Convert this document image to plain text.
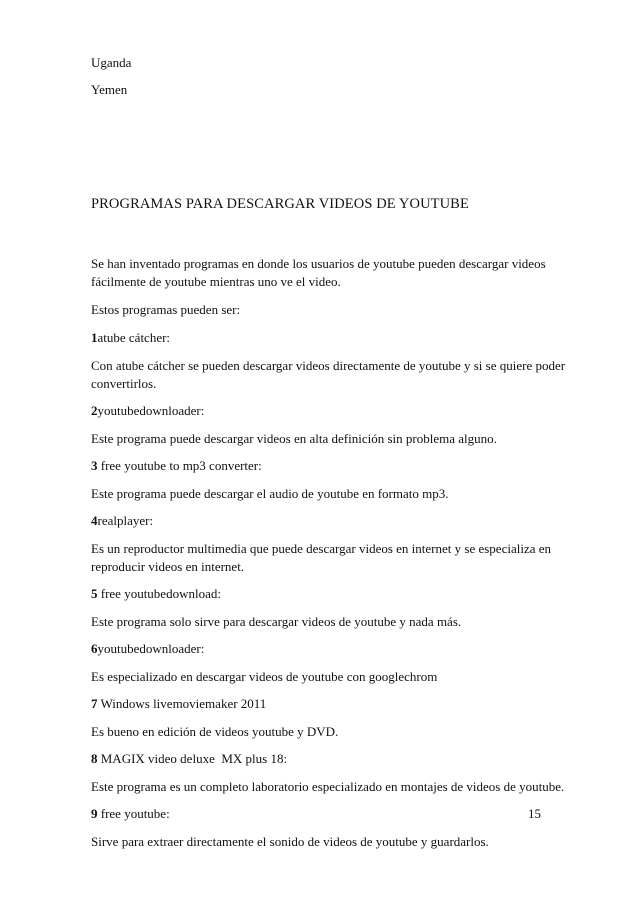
Uganda

Yemen

PROGRAMAS PARA DESCARGAR VIDEOS DE YOUTUBE

Se han inventado programas en donde los usuarios de youtube pueden descargar videos

fácilmente de youtube mientras uno ve el video.

Estos programas pueden ser:

1atube cátcher:

Con atube cátcher se pueden descargar videos directamente de youtube y si se quiere poder

convertirlos.

2youtubedownloader:

Este programa puede descargar videos en alta definición sin problema alguno.

3 free youtube to mp3 converter:

Este programa puede descargar el audio de youtube en formato mp3.

4realplayer:

Es un reproductor multimedia que puede descargar videos en internet y se especializa en

reproducir videos en internet.

5 free youtubedownload:

Este programa solo sirve para descargar videos de youtube y nada más.

6youtubedownloader:

Es especializado en descargar videos de youtube con googlechrom

7 Windows livemoviemaker 2011

Es bueno en edición de videos youtube y DVD.

8 MAGIX video deluxe  MX plus 18:

Este programa es un completo laboratorio especializado en montajes de videos de youtube.

9 free youtube:	15

Sirve para extraer directamente el sonido de videos de youtube y guardarlos.
